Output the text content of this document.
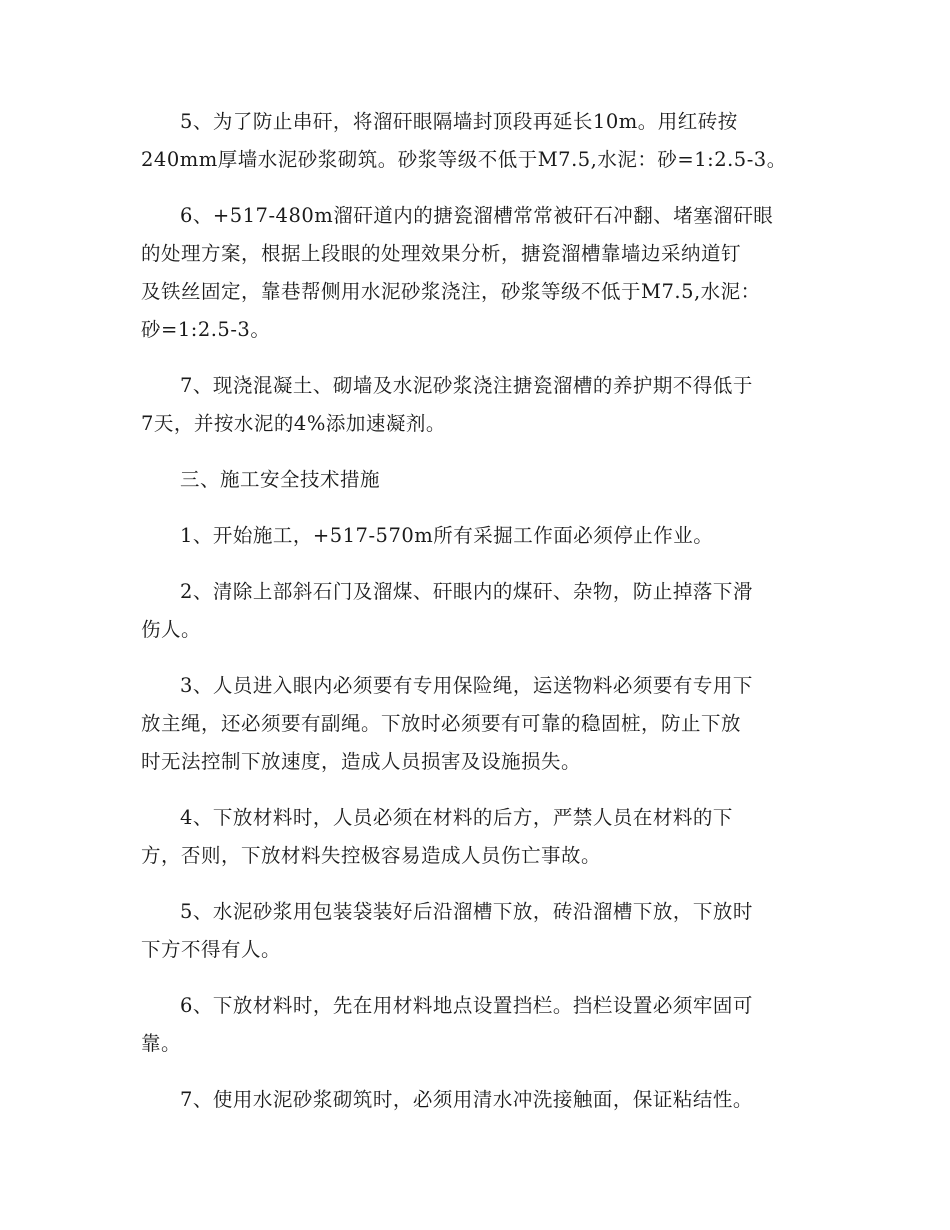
5、为了防止串矸，将溜矸眼隔墙封顶段再延长10m。用红砖按
240mm厚墙水泥砂浆砌筑。砂浆等级不低于M7.5,水泥：砂=1:2.5-3。

6、+517-480m溜矸道内的搪瓷溜槽常常被矸石冲翻、堵塞溜矸眼
的处理方案，根据上段眼的处理效果分析，搪瓷溜槽靠墙边采纳道钉
及铁丝固定，靠巷帮侧用水泥砂浆浇注，砂浆等级不低于M7.5,水泥：
砂=1:2.5-3。

7、现浇混凝土、砌墙及水泥砂浆浇注搪瓷溜槽的养护期不得低于
7天，并按水泥的4%添加速凝剂。

三、施工安全技术措施

1、开始施工，+517-570m所有采掘工作面必须停止作业。

2、清除上部斜石门及溜煤、矸眼内的煤矸、杂物，防止掉落下滑
伤人。

3、人员进入眼内必须要有专用保险绳，运送物料必须要有专用下
放主绳，还必须要有副绳。下放时必须要有可靠的稳固桩，防止下放
时无法控制下放速度，造成人员损害及设施损失。

4、下放材料时，人员必须在材料的后方，严禁人员在材料的下
方，否则，下放材料失控极容易造成人员伤亡事故。

5、水泥砂浆用包装袋装好后沿溜槽下放，砖沿溜槽下放，下放时
下方不得有人。

6、下放材料时，先在用材料地点设置挡栏。挡栏设置必须牢固可
靠。

7、使用水泥砂浆砌筑时，必须用清水冲洗接触面，保证粘结性。
